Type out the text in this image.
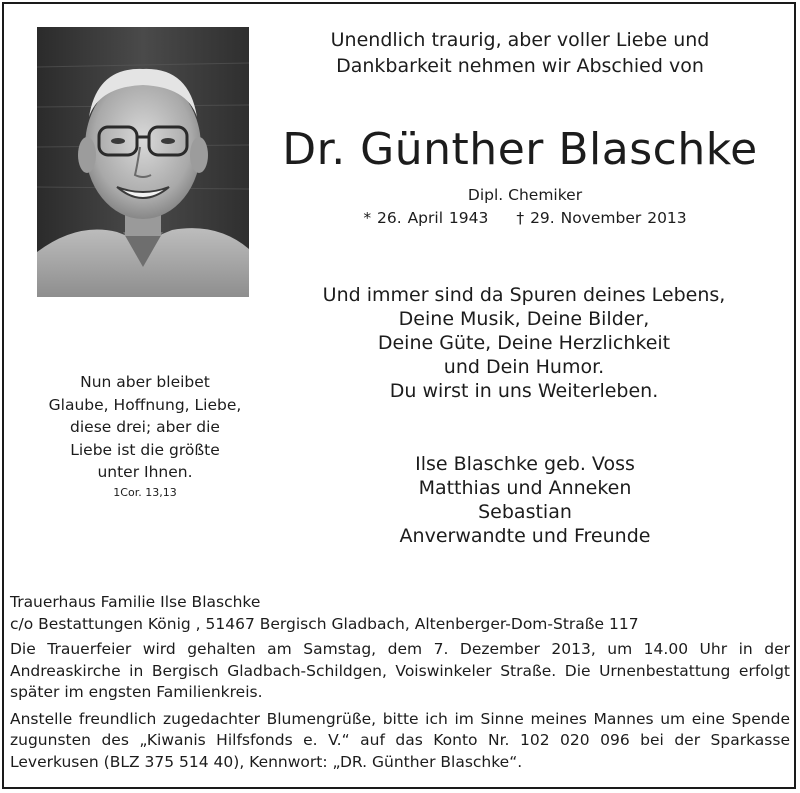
Unendlich traurig, aber voller Liebe und
Dankbarkeit nehmen wir Abschied von
Dr. Günther Blaschke
Dipl. Chemiker
* 26. April 1943 † 29. November 2013
Und immer sind da Spuren deines Lebens,
Deine Musik, Deine Bilder,
Deine Güte, Deine Herzlichkeit
und Dein Humor.
Du wirst in uns Weiterleben.
Nun aber bleibet
Glaube, Hoffnung, Liebe,
diese drei; aber die
Liebe ist die größte
unter Ihnen.
1Cor. 13,13
Ilse Blaschke geb. Voss
Matthias und Anneken
Sebastian
Anverwandte und Freunde

Trauerhaus Familie Ilse Blaschke

c/o Bestattungen König , 51467 Bergisch Gladbach, Altenberger-Dom-Straße 117

Die Trauerfeier wird gehalten am Samstag, dem 7. Dezember 2013, um 14.00 Uhr in der Andreaskirche in Bergisch Gladbach-Schildgen, Voiswinkeler Straße. Die Urnenbestattung erfolgt später im engsten Familienkreis.

Anstelle freundlich zugedachter Blumengrüße, bitte ich im Sinne meines Mannes um eine Spende zugunsten des „Kiwanis Hilfsfonds e. V.“ auf das Konto Nr. 102 020 096 bei der Sparkasse Leverkusen (BLZ 375 514 40), Kennwort: „DR. Günther Blaschke“.
